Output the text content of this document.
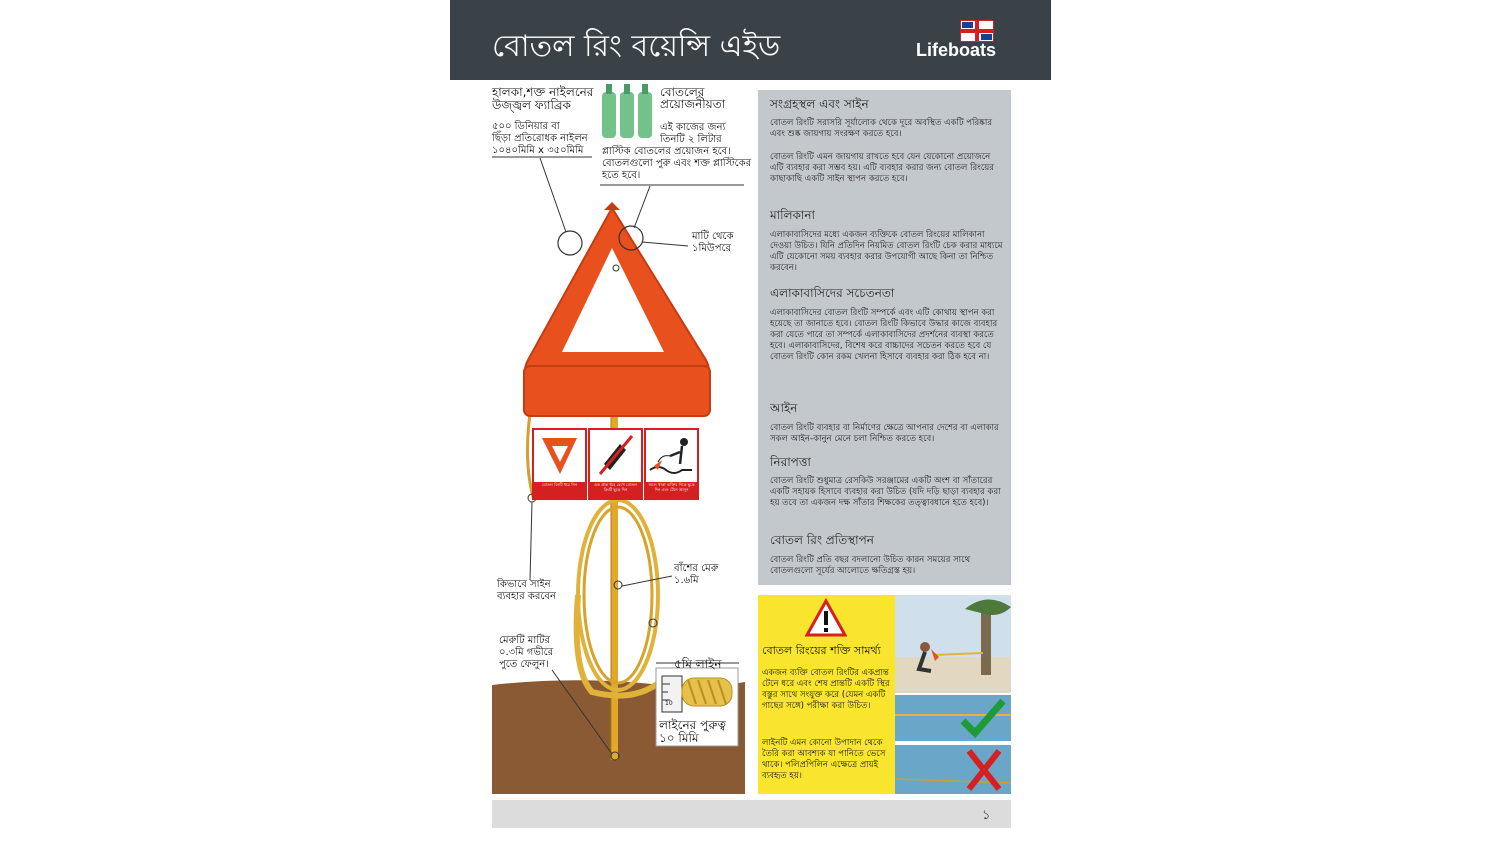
বোতল রিং বয়েন্সি এইড	Lifeboats
হালকা,শক্ত নাইলনের উজ্জ্বল ফ্যাব্রিক
৫০০ ডিনিয়ার বা
ছিঁড়া প্রতিরোধক নাইলন
১০৪০মিমি x ৩৫০মিমি
বোতলের
প্রয়োজনীয়তা
এই কাজের জন্য
তিনটি ২ লিটার
প্লাস্টিক বোতলের প্রয়োজন হবে।
বোতলগুলো পুরু এবং শক্ত প্লাস্টিকের
হতে হবে।
মাটি থেকে
১মিউপরে
কিভাবে সাইন
ব্যবহার করবেন
বাঁশের মেরু
১.৬মি
মেরুটি মাটির
০.৩মি গভীরে
পুতে ফেলুন।	৫মি লাইন
10
লাইনের পুরুত্ব
১০ মিমি
বোতল রিংটি ধরে নিন	এক প্রান্ত ধরে রেখে বোতল রিংটি ছুড়ে দিন
জলে থাকা ব্যক্তির দিকে ছুড়ে দিন এবং টেনে আনুন
সংগ্রহস্থল এবং সাইন
বোতল রিংটি সরাসরি সূর্যালোক থেকে দূরে অবস্থিত একটি পরিষ্কার এবং শুষ্ক জায়গায় সংরক্ষণ করতে হবে।
বোতল রিংটি এমন জায়গায় রাখতে হবে যেন যেকোনো প্রয়োজনে এটি ব্যবহার করা সম্ভব হয়। এটি ব্যবহার করার জন্য বোতল রিংয়ের কাছাকাছি একটি সাইন স্থাপন করতে হবে।
মালিকানা
এলাকাবাসিদের মধ্যে একজন ব্যক্তিকে বোতল রিংয়ের মালিকানা দেওয়া উচিত। যিনি প্রতিদিন নিয়মিত বোতল রিংটি চেক করার মাধ্যমে এটি যেকোনো সময় ব্যবহার করার উপযোগী আছে কিনা তা নিশ্চিত করবেন।
এলাকাবাসিদের সচেতনতা
এলাকাবাসিদের বোতল রিংটি সম্পর্কে এবং এটি কোথায় স্থাপন করা হয়েছে তা জানাতে হবে। বোতল রিংটি কিভাবে উদ্ধার কাজে ব্যবহার করা যেতে পারে তা সম্পর্কে এলাকাবাসিদের প্রদর্শনের ব্যবস্থা করতে হবে। এলাকাবাসিদের, বিশেষ করে বাচ্চাদের সচেতন করতে হবে যে বোতল রিংটি কোন রকম খেলনা হিসাবে ব্যবহার করা ঠিক হবে না।
আইন
বোতল রিংটি ব্যবহার বা নির্মাণের ক্ষেত্রে আপনার দেশের বা এলাকার সকল আইন-কানুন মেনে চলা নিশ্চিত করতে হবে।
নিরাপত্তা
বোতল রিংটি শুধুমাত্র রেসকিউ সরঞ্জামের একটি অংশ বা সাঁতারের একটি সহায়ক হিসাবে ব্যবহার করা উচিত (যদি দড়ি ছাড়া ব্যবহার করা হয় তবে তা একজন দক্ষ সাঁতার শিক্ষকের তত্ত্বাবধানে হতে হবে)।
বোতল রিং প্রতিস্থাপন
বোতল রিংটি প্রতি বছর বদলানো উচিত কারন সময়ের সাথে বোতলগুলো সূর্যের আলোতে ক্ষতিগ্রস্ত হয়।
বোতল রিংয়ের শক্তি সামর্থ্য
একজন ব্যক্তি বোতল রিংটির একপ্রান্ত টেনে ধরে এবং শেষ প্রান্তটি একটি স্থির বস্তুর সাথে সংযুক্ত করে (যেমন একটি গাছের সঙ্গে) পরীক্ষা করা উচিত।
লাইনটি এমন কোনো উপাদান থেকে তৈরি করা আবশ্যক যা পানিতে ভেসে থাকে। পলিপ্রপিলিন এক্ষেত্রে প্রায়ই ব্যবহৃত হয়।
১
